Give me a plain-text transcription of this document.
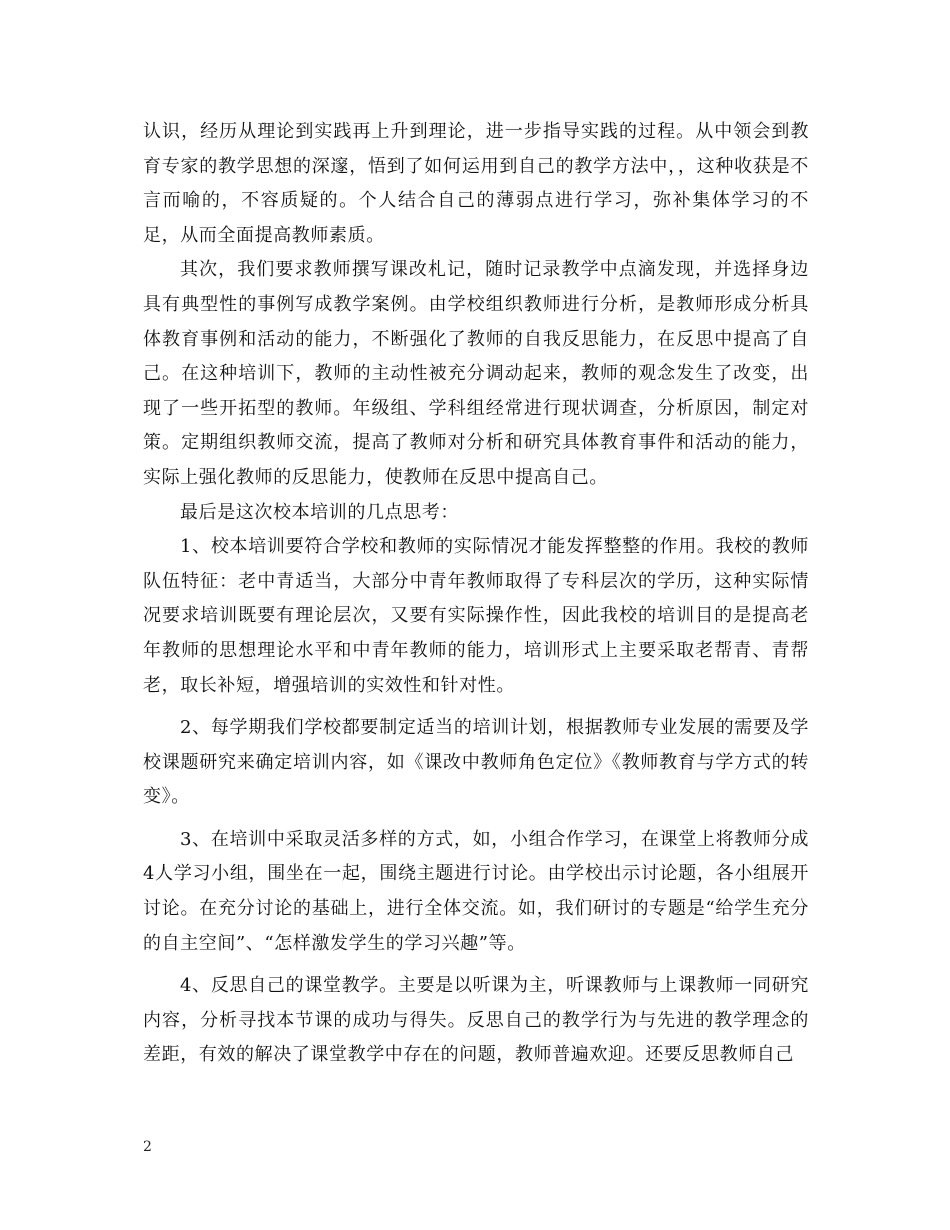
认识，经历从理论到实践再上升到理论，进一步指导实践的过程。从中领会到教育专家的教学思想的深邃，悟到了如何运用到自己的教学方法中，，这种收获是不言而喻的，不容质疑的。个人结合自己的薄弱点进行学习，弥补集体学习的不足，从而全面提高教师素质。

其次，我们要求教师撰写课改札记，随时记录教学中点滴发现，并选择身边具有典型性的事例写成教学案例。由学校组织教师进行分析，是教师形成分析具体教育事例和活动的能力，不断强化了教师的自我反思能力，在反思中提高了自己。在这种培训下，教师的主动性被充分调动起来，教师的观念发生了改变，出现了一些开拓型的教师。年级组、学科组经常进行现状调查，分析原因，制定对策。定期组织教师交流，提高了教师对分析和研究具体教育事件和活动的能力，实际上强化教师的反思能力，使教师在反思中提高自己。

最后是这次校本培训的几点思考：

1、校本培训要符合学校和教师的实际情况才能发挥整整的作用。我校的教师队伍特征：老中青适当，大部分中青年教师取得了专科层次的学历，这种实际情况要求培训既要有理论层次，又要有实际操作性，因此我校的培训目的是提高老年教师的思想理论水平和中青年教师的能力，培训形式上主要采取老帮青、青帮老，取长补短，增强培训的实效性和针对性。

2、每学期我们学校都要制定适当的培训计划，根据教师专业发展的需要及学校课题研究来确定培训内容，如《课改中教师角色定位》《教师教育与学方式的转变》。

3、在培训中采取灵活多样的方式，如，小组合作学习，在课堂上将教师分成4人学习小组，围坐在一起，围绕主题进行讨论。由学校出示讨论题，各小组展开讨论。在充分讨论的基础上，进行全体交流。如，我们研讨的专题是“给学生充分的自主空间”、“怎样激发学生的学习兴趣”等。

4、反思自己的课堂教学。主要是以听课为主，听课教师与上课教师一同研究内容，分析寻找本节课的成功与得失。反思自己的教学行为与先进的教学理念的差距，有效的解决了课堂教学中存在的问题，教师普遍欢迎。还要反思教师自己

2
